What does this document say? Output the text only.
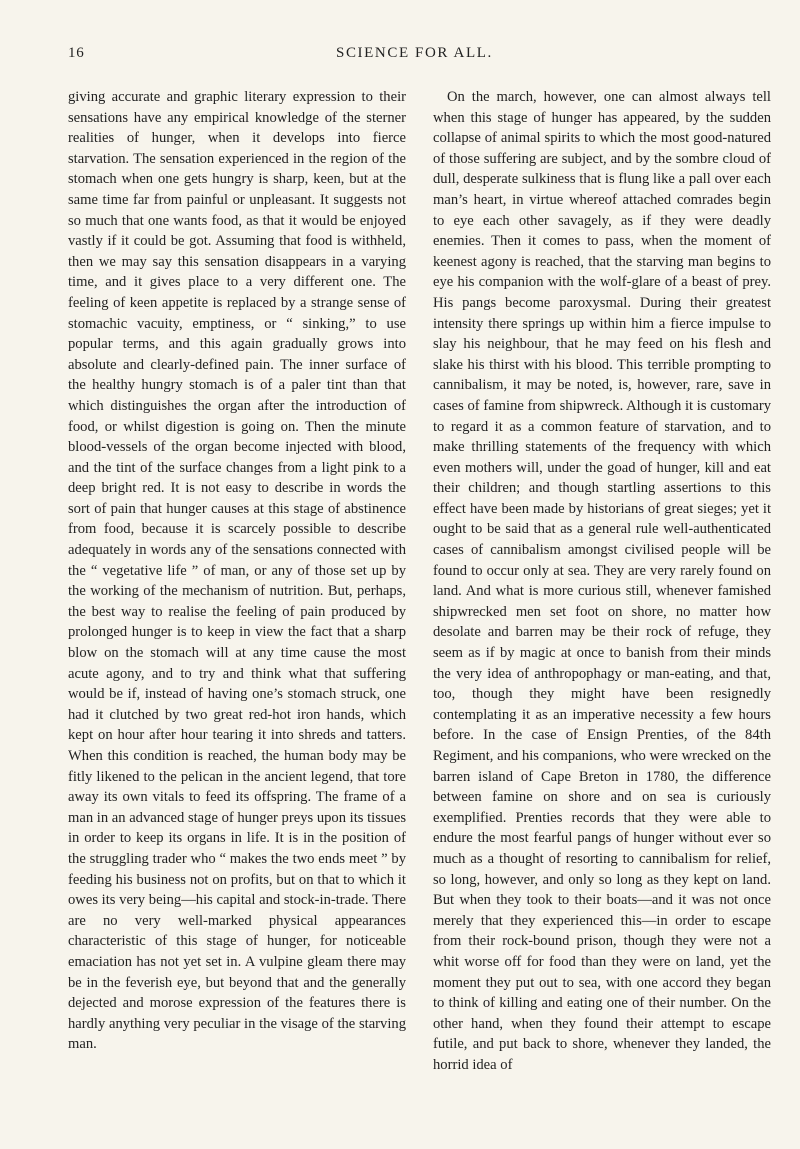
16	SCIENCE FOR ALL.

giving accurate and graphic literary expression to their sensations have any empirical knowledge of the sterner realities of hunger, when it develops into fierce starvation. The sensation experienced in the region of the stomach when one gets hungry is sharp, keen, but at the same time far from painful or unpleasant. It suggests not so much that one wants food, as that it would be enjoyed vastly if it could be got. Assuming that food is withheld, then we may say this sensation disappears in a varying time, and it gives place to a very different one. The feeling of keen appetite is replaced by a strange sense of stomachic vacuity, emptiness, or “ sinking,” to use popular terms, and this again gradually grows into absolute and clearly-defined pain. The inner surface of the healthy hungry stomach is of a paler tint than that which distinguishes the organ after the introduction of food, or whilst digestion is going on. Then the minute blood-vessels of the organ become injected with blood, and the tint of the surface changes from a light pink to a deep bright red. It is not easy to describe in words the sort of pain that hunger causes at this stage of abstinence from food, because it is scarcely possible to describe adequately in words any of the sensations connected with the “ vegetative life ” of man, or any of those set up by the working of the mechanism of nutrition. But, perhaps, the best way to realise the feeling of pain produced by prolonged hunger is to keep in view the fact that a sharp blow on the stomach will at any time cause the most acute agony, and to try and think what that suffering would be if, instead of having one’s stomach struck, one had it clutched by two great red-hot iron hands, which kept on hour after hour tearing it into shreds and tatters. When this condition is reached, the human body may be fitly likened to the pelican in the ancient legend, that tore away its own vitals to feed its offspring. The frame of a man in an advanced stage of hunger preys upon its tissues in order to keep its organs in life. It is in the position of the struggling trader who “ makes the two ends meet ” by feeding his business not on profits, but on that to which it owes its very being—his capital and stock-in-trade. There are no very well-marked physical appearances characteristic of this stage of hunger, for noticeable emaciation has not yet set in. A vulpine gleam there may be in the feverish eye, but beyond that and the generally dejected and morose expression of the features there is hardly anything very peculiar in the visage of the starving man.

On the march, however, one can almost always tell when this stage of hunger has appeared, by the sudden collapse of animal spirits to which the most good-natured of those suffering are subject, and by the sombre cloud of dull, desperate sulkiness that is flung like a pall over each man’s heart, in virtue whereof attached comrades begin to eye each other savagely, as if they were deadly enemies. Then it comes to pass, when the moment of keenest agony is reached, that the starving man begins to eye his companion with the wolf-glare of a beast of prey. His pangs become paroxysmal. During their greatest intensity there springs up within him a fierce impulse to slay his neighbour, that he may feed on his flesh and slake his thirst with his blood. This terrible prompting to cannibalism, it may be noted, is, however, rare, save in cases of famine from shipwreck. Although it is customary to regard it as a common feature of starvation, and to make thrilling statements of the frequency with which even mothers will, under the goad of hunger, kill and eat their children; and though startling assertions to this effect have been made by historians of great sieges; yet it ought to be said that as a general rule well-authenticated cases of cannibalism amongst civilised people will be found to occur only at sea. They are very rarely found on land. And what is more curious still, whenever famished shipwrecked men set foot on shore, no matter how desolate and barren may be their rock of refuge, they seem as if by magic at once to banish from their minds the very idea of anthropophagy or man-eating, and that, too, though they might have been resignedly contemplating it as an imperative necessity a few hours before. In the case of Ensign Prenties, of the 84th Regiment, and his companions, who were wrecked on the barren island of Cape Breton in 1780, the difference between famine on shore and on sea is curiously exemplified. Prenties records that they were able to endure the most fearful pangs of hunger without ever so much as a thought of resorting to cannibalism for relief, so long, however, and only so long as they kept on land. But when they took to their boats—and it was not once merely that they experienced this—in order to escape from their rock-bound prison, though they were not a whit worse off for food than they were on land, yet the moment they put out to sea, with one accord they began to think of killing and eating one of their number. On the other hand, when they found their attempt to escape futile, and put back to shore, whenever they landed, the horrid idea of
